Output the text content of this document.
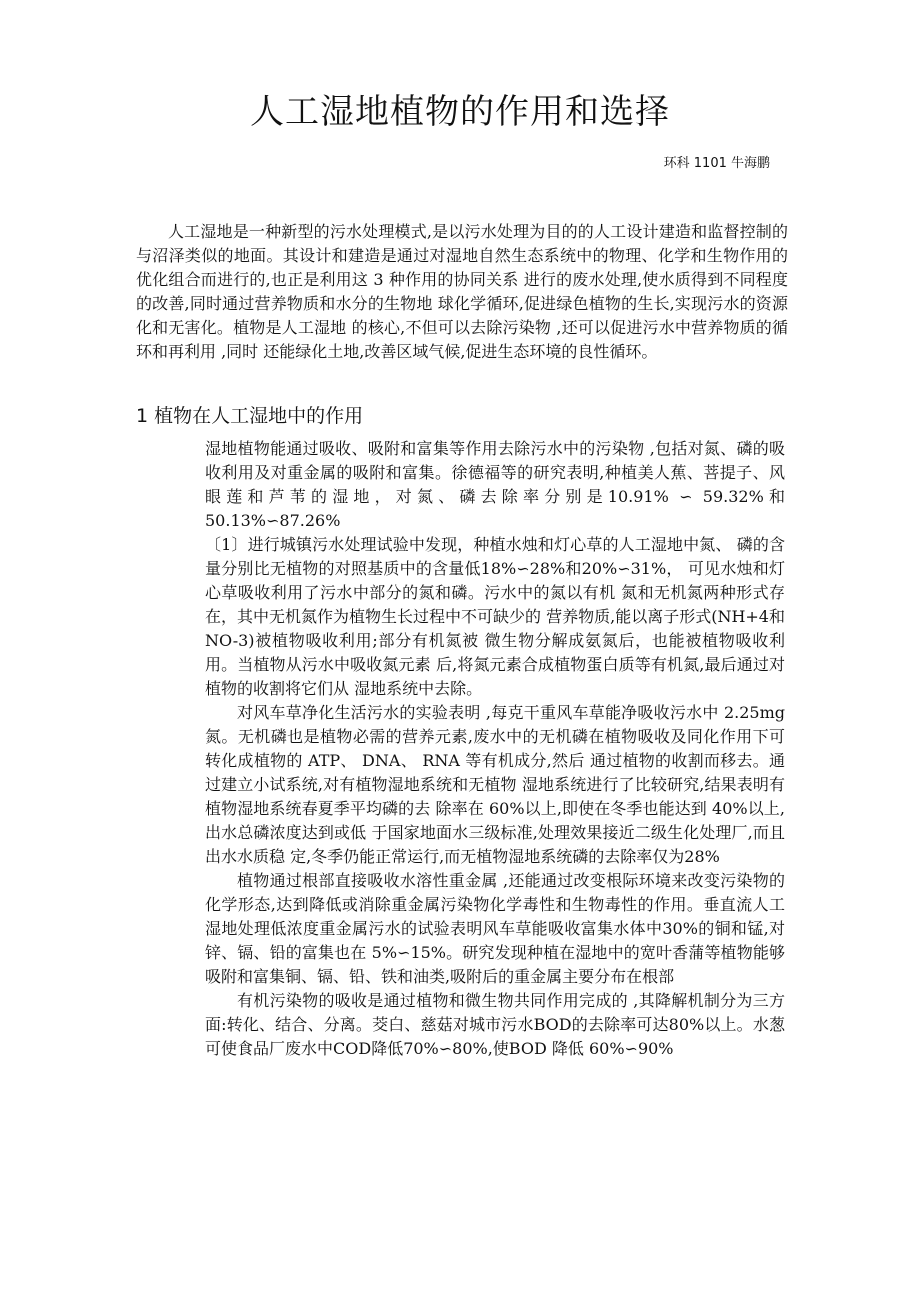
人工湿地植物的作用和选择
环科 1101 牛海鹏

人工湿地是一种新型的污水处理模式,是以污水处理为目的的人工设计建造和监督控制的与沼泽类似的地面。其设计和建造是通过对湿地自然生态系统中的物理、化学和生物作用的优化组合而进行的,也正是利用这 3 种作用的协同关系 进行的废水处理,使水质得到不同程度的改善,同时通过营养物质和水分的生物地 球化学循环,促进绿色植物的生长,实现污水的资源化和无害化。植物是人工湿地 的核心,不但可以去除污染物 ,还可以促进污水中营养物质的循环和再利用 ,同时 还能绿化土地,改善区域气候,促进生态环境的良性循环。

1 植物在人工湿地中的作用

湿地植物能通过吸收、吸附和富集等作用去除污水中的污染物 ,包括对氮、磷的吸收利用及对重金属的吸附和富集。徐德福等的研究表明,种植美人蕉、菩提子、风眼莲和芦苇的湿地，对氮、磷去除率分别是10.91% ∽ 59.32%和 50.13%∽87.26%

〔1〕进行城镇污水处理试验中发现，种植水烛和灯心草的人工湿地中氮、 磷的含量分别比无植物的对照基质中的含量低18%∽28%和20%∽31%， 可见水烛和灯心草吸收利用了污水中部分的氮和磷。污水中的氮以有机 氮和无机氮两种形式存在，其中无机氮作为植物生长过程中不可缺少的 营养物质,能以离子形式(NH+4和NO-3)被植物吸收利用;部分有机氮被 微生物分解成氨氮后，也能被植物吸收利用。当植物从污水中吸收氮元素 后,将氮元素合成植物蛋白质等有机氮,最后通过对植物的收割将它们从 湿地系统中去除。

对风车草净化生活污水的实验表明 ,每克干重风车草能净吸收污水中 2.25mg 氮。无机磷也是植物必需的营养元素,废水中的无机磷在植物吸收及同化作用下可转化成植物的 ATP、 DNA、 RNA 等有机成分,然后 通过植物的收割而移去。通过建立小试系统,对有植物湿地系统和无植物 湿地系统进行了比较研究,结果表明有植物湿地系统春夏季平均磷的去 除率在 60%以上,即使在冬季也能达到 40%以上,出水总磷浓度达到或低 于国家地面水三级标准,处理效果接近二级生化处理厂,而且出水水质稳 定,冬季仍能正常运行,而无植物湿地系统磷的去除率仅为28%

植物通过根部直接吸收水溶性重金属 ,还能通过改变根际环境来改变污染物的化学形态,达到降低或消除重金属污染物化学毒性和生物毒性的作用。垂直流人工湿地处理低浓度重金属污水的试验表明风车草能吸收富集水体中30%的铜和锰,对锌、镉、铅的富集也在 5%∽15%。研究发现种植在湿地中的宽叶香蒲等植物能够吸附和富集铜、镉、铅、铁和油类,吸附后的重金属主要分布在根部

有机污染物的吸收是通过植物和微生物共同作用完成的 ,其降解机制分为三方面:转化、结合、分离。茭白、慈菇对城市污水BOD的去除率可达80%以上。水葱可使食品厂废水中COD降低70%∽80%,使BOD 降低 60%∽90%
